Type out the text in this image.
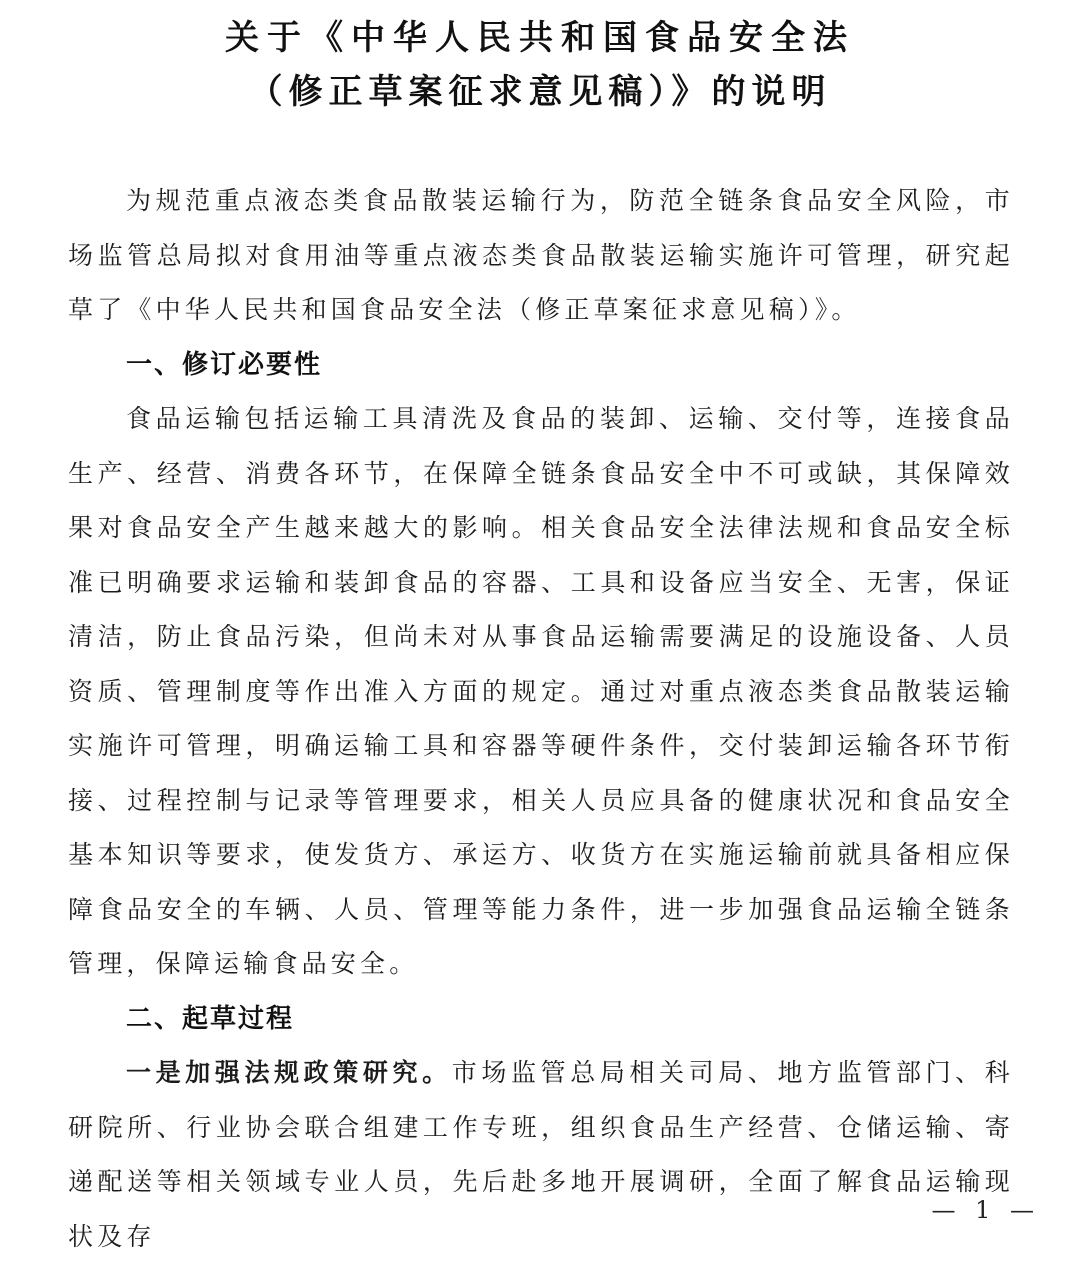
关于《中华人民共和国食品安全法
（修正草案征求意见稿）》的说明

为规范重点液态类食品散装运输行为，防范全链条食品安全风险，市场监管总局拟对食用油等重点液态类食品散装运输实施许可管理，研究起草了《中华人民共和国食品安全法（修正草案征求意见稿）》。

一、修订必要性

食品运输包括运输工具清洗及食品的装卸、运输、交付等，连接食品生产、经营、消费各环节，在保障全链条食品安全中不可或缺，其保障效果对食品安全产生越来越大的影响。相关食品安全法律法规和食品安全标准已明确要求运输和装卸食品的容器、工具和设备应当安全、无害，保证清洁，防止食品污染，但尚未对从事食品运输需要满足的设施设备、人员资质、管理制度等作出准入方面的规定。通过对重点液态类食品散装运输实施许可管理，明确运输工具和容器等硬件条件，交付装卸运输各环节衔接、过程控制与记录等管理要求，相关人员应具备的健康状况和食品安全基本知识等要求，使发货方、承运方、收货方在实施运输前就具备相应保障食品安全的车辆、人员、管理等能力条件，进一步加强食品运输全链条管理，保障运输食品安全。

二、起草过程

一是加强法规政策研究。市场监管总局相关司局、地方监管部门、科研院所、行业协会联合组建工作专班，组织食品生产经营、仓储运输、寄递配送等相关领域专业人员，先后赴多地开展调研，全面了解食品运输现状及存

— 1 —
